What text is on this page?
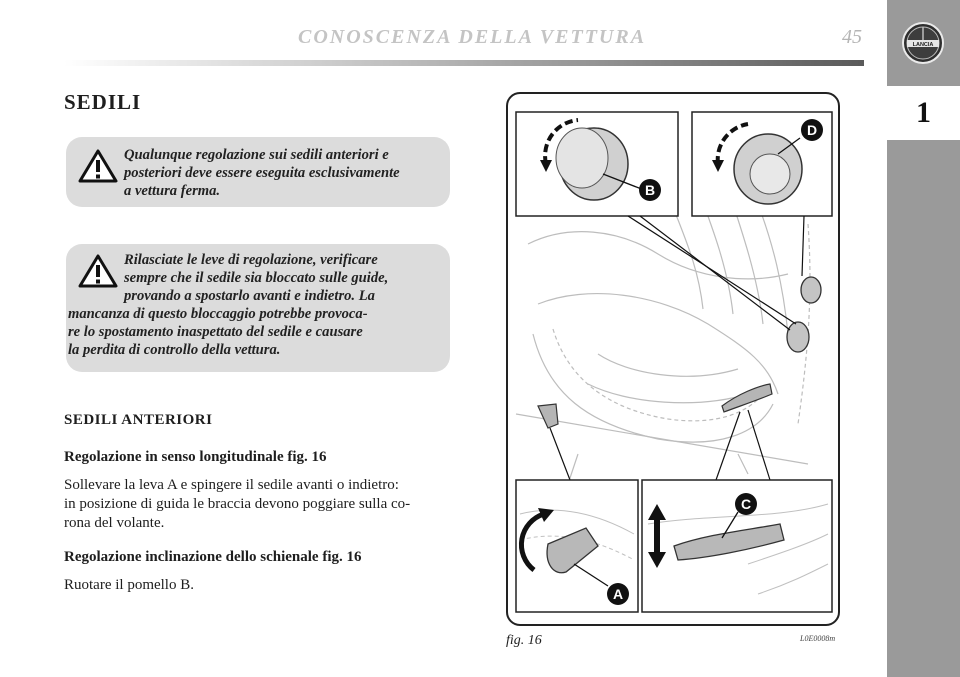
CONOSCENZA DELLA VETTURA	45	LANCIA
1
SEDILI
Qualunque regolazione sui sedili anteriori e
posteriori deve essere eseguita esclusivamente
a vettura ferma.
Rilasciate le leve di regolazione, verificare
sempre che il sedile sia bloccato sulle guide,
provando a spostarlo avanti e indietro. La
mancanza di questo bloccaggio potrebbe provoca-
re lo spostamento inaspettato del sedile e causare
la perdita di controllo della vettura.
SEDILI ANTERIORI
Regolazione in senso longitudinale fig. 16
Sollevare la leva A e spingere il sedile avanti o indietro:
in posizione di guida le braccia devono poggiare sulla co-
rona del volante.
Regolazione inclinazione dello schienale fig. 16
Ruotare il pomello B.
B
D
A
C
fig. 16	L0E0008m
